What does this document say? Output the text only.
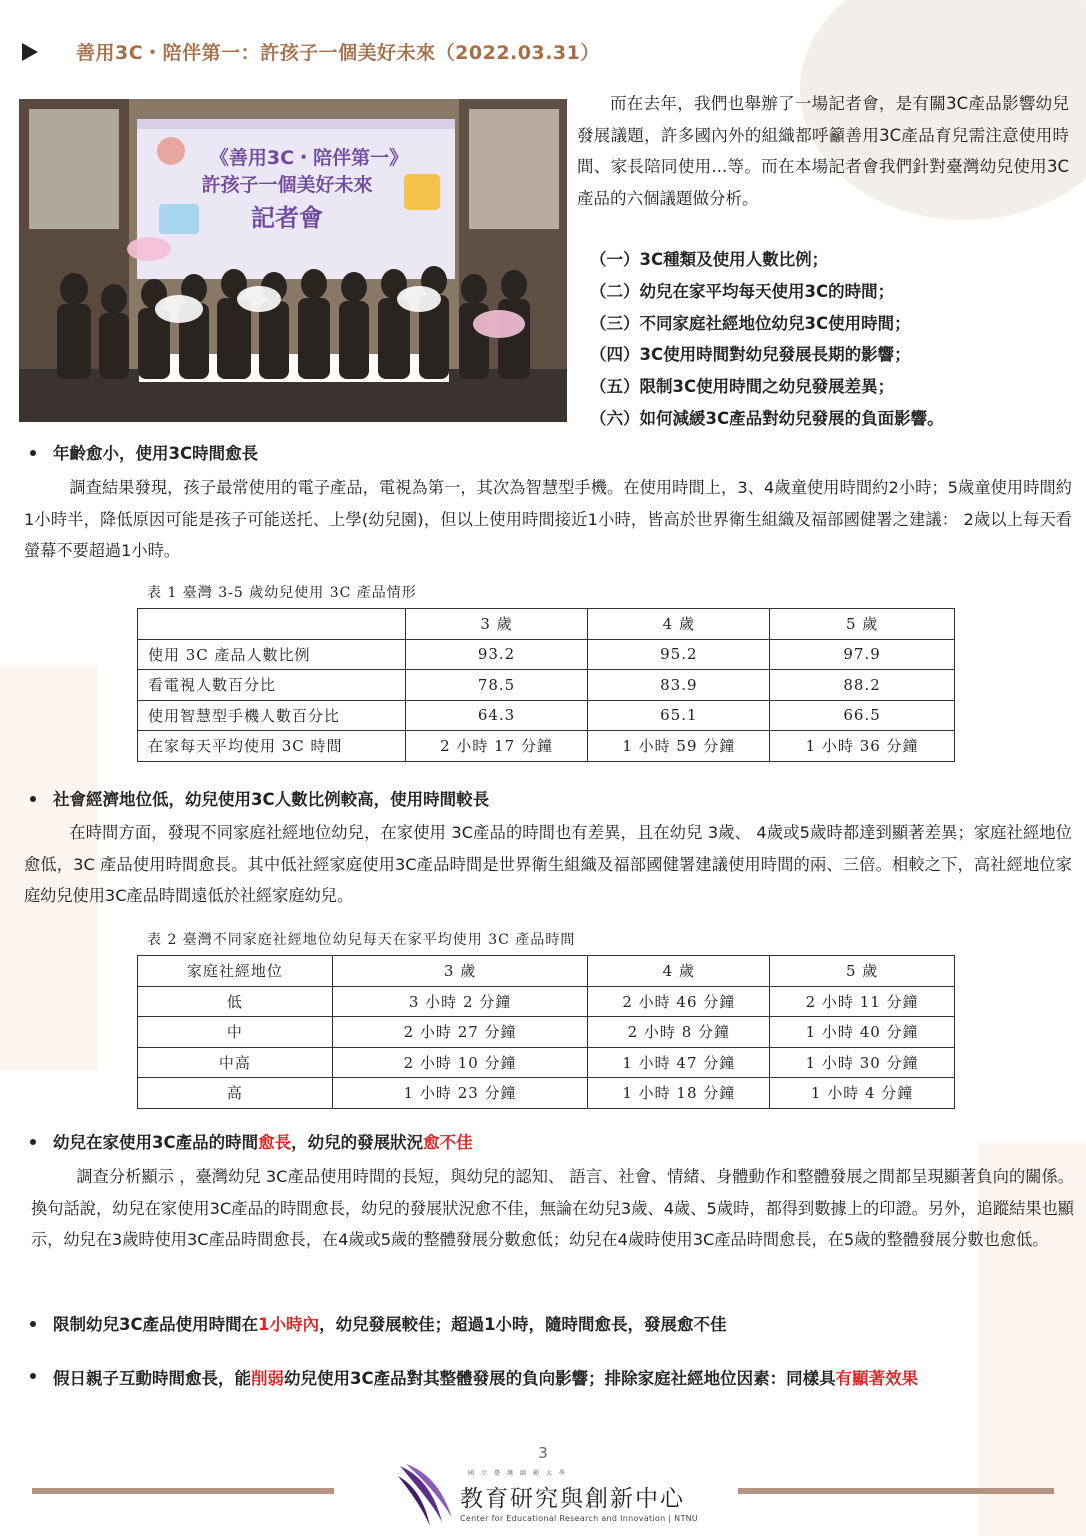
善用3C・陪伴第一：許孩子一個美好未來（2022.03.31）
《善用3C・陪伴第一》
許孩子一個美好未來
記者會
而在去年，我們也舉辦了一場記者會，是有關3C產品影響幼兒發展議題，許多國內外的組織都呼籲善用3C產品育兒需注意使用時間、家長陪同使用...等。而在本場記者會我們針對臺灣幼兒使用3C產品的六個議題做分析。
（一）3C種類及使用人數比例；
（二）幼兒在家平均每天使用3C的時間；
（三）不同家庭社經地位幼兒3C使用時間；
（四）3C使用時間對幼兒發展長期的影響；
（五）限制3C使用時間之幼兒發展差異；
（六）如何減緩3C產品對幼兒發展的負面影響。
年齡愈小，使用3C時間愈長
調查結果發現，孩子最常使用的電子產品，電視為第一，其次為智慧型手機。在使用時間上，3、4歲童使用時間約2小時；5歲童使用時間約1小時半，降低原因可能是孩子可能送托、上學(幼兒園)，但以上使用時間接近1小時，皆高於世界衛生組織及福部國健署之建議： 2歲以上每天看螢幕不要超過1小時。
表 1 臺灣 3-5 歲幼兒使用 3C 產品情形
	3 歲	4 歲	5 歲
使用 3C 產品人數比例	93.2	95.2	97.9
看電視人數百分比	78.5	83.9	88.2
使用智慧型手機人數百分比	64.3	65.1	66.5
在家每天平均使用 3C 時間	2 小時 17 分鐘	1 小時 59 分鐘	1 小時 36 分鐘
社會經濟地位低，幼兒使用3C人數比例較高，使用時間較長
在時間方面，發現不同家庭社經地位幼兒，在家使用 3C產品的時間也有差異，且在幼兒 3歲、 4歲或5歲時都達到顯著差異；家庭社經地位愈低，3C 產品使用時間愈長。其中低社經家庭使用3C產品時間是世界衛生組織及福部國健署建議使用時間的兩、三倍。相較之下，高社經地位家庭幼兒使用3C產品時間遠低於社經家庭幼兒。
表 2 臺灣不同家庭社經地位幼兒每天在家平均使用 3C 產品時間
家庭社經地位	3 歲	4 歲	5 歲
低	3 小時 2 分鐘	2 小時 46 分鐘	2 小時 11 分鐘
中	2 小時 27 分鐘	2 小時 8 分鐘	1 小時 40 分鐘
中高	2 小時 10 分鐘	1 小時 47 分鐘	1 小時 30 分鐘
高	1 小時 23 分鐘	1 小時 18 分鐘	1 小時 4 分鐘
幼兒在家使用3C產品的時間愈長，幼兒的發展狀況愈不佳
調查分析顯示 ，臺灣幼兒 3C產品使用時間的長短，與幼兒的認知、 語言、社會、情緒、身體動作和整體發展之間都呈現顯著負向的關係。換句話說，幼兒在家使用3C產品的時間愈長，幼兒的發展狀況愈不佳，無論在幼兒3歲、4歲、5歲時，都得到數據上的印證。另外，追蹤結果也顯示，幼兒在3歲時使用3C產品時間愈長，在4歲或5歲的整體發展分數愈低；幼兒在4歲時使用3C產品時間愈長，在5歲的整體發展分數也愈低。
限制幼兒3C產品使用時間在1小時內，幼兒發展較佳；超過1小時，隨時間愈長，發展愈不佳
假日親子互動時間愈長，能削弱幼兒使用3C產品對其整體發展的負向影響；排除家庭社經地位因素：同樣具有顯著效果
3
國立臺灣師範大學
教育研究與創新中心
Center for Educational Research and Innovation | NTNU
